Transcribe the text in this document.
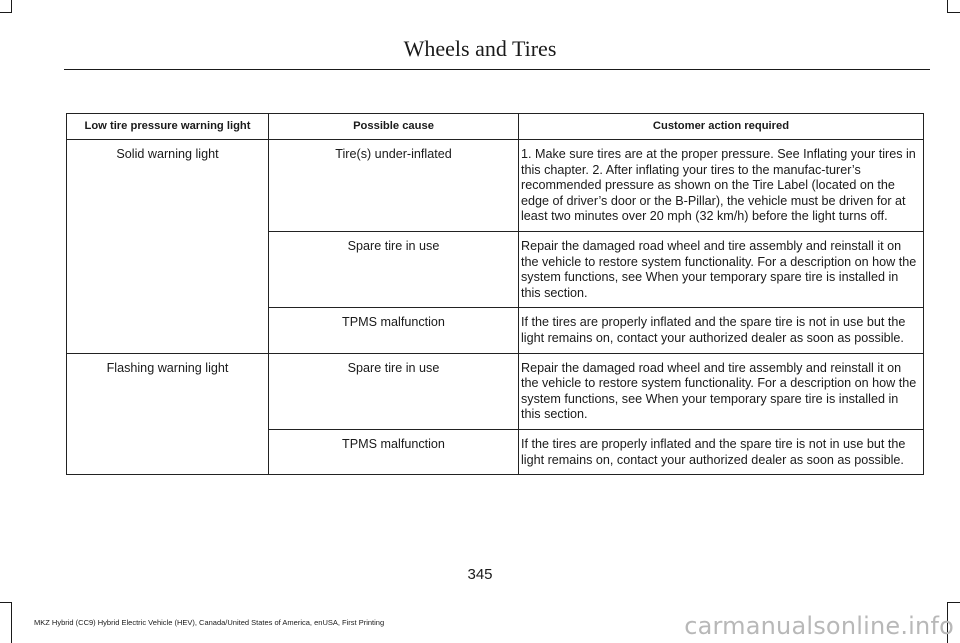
Wheels and Tires
Low tire pressure warning light	Possible cause	Customer action required
Solid warning light	Tire(s) under-inflated	1. Make sure tires are at the proper pressure. See Inflating your tires in this chapter. 2. After inflating your tires to the manufac-turer’s recommended pressure as shown on the Tire Label (located on the edge of driver’s door or the B-Pillar), the vehicle must be driven for at least two minutes over 20 mph (32 km/h) before the light turns off.
	Spare tire in use	Repair the damaged road wheel and tire assembly and reinstall it on the vehicle to restore system functionality. For a description on how the system functions, see When your temporary spare tire is installed in this section.
	TPMS malfunction	If the tires are properly inflated and the spare tire is not in use but the light remains on, contact your authorized dealer as soon as possible.
Flashing warning light	Spare tire in use	Repair the damaged road wheel and tire assembly and reinstall it on the vehicle to restore system functionality. For a description on how the system functions, see When your temporary spare tire is installed in this section.
	TPMS malfunction	If the tires are properly inflated and the spare tire is not in use but the light remains on, contact your authorized dealer as soon as possible.
345
MKZ Hybrid (CC9) Hybrid Electric Vehicle (HEV), Canada/United States of America, enUSA, First Printing	carmanualsonline.info
